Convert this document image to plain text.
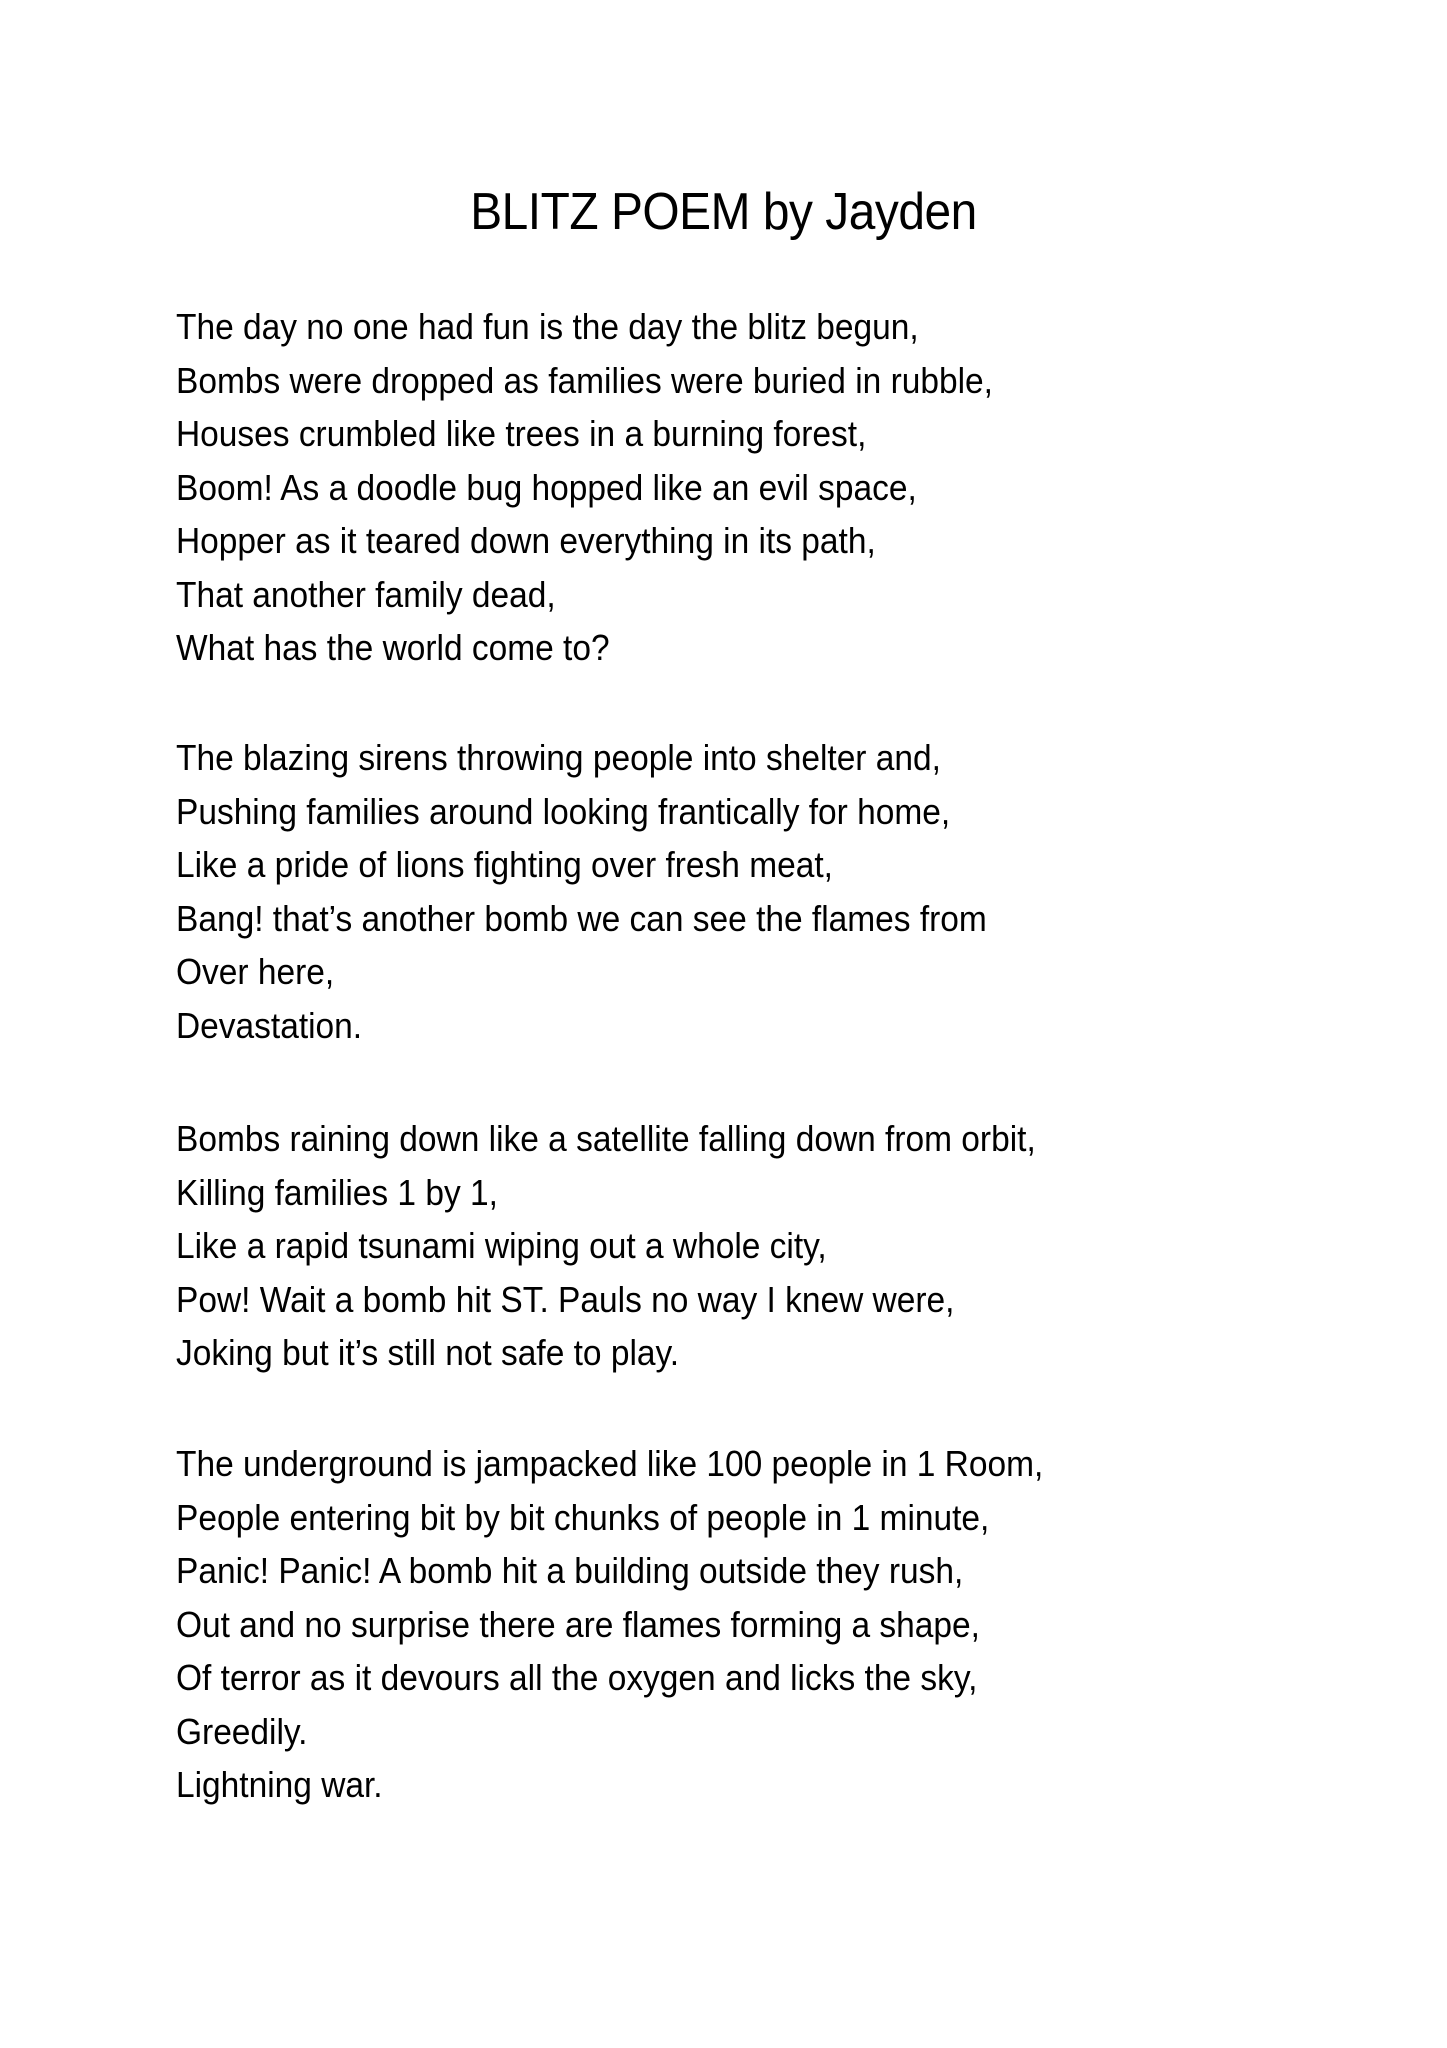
BLITZ POEM by Jayden
The day no one had fun is the day the blitz begun,
Bombs were dropped as families were buried in rubble,
Houses crumbled like trees in a burning forest,
Boom! As a doodle bug hopped like an evil space,
Hopper as it teared down everything in its path,
That another family dead,
What has the world come to?
The blazing sirens throwing people into shelter and,
Pushing families around looking frantically for home,
Like a pride of lions fighting over fresh meat,
Bang! that’s another bomb we can see the flames from
Over here,
Devastation.
Bombs raining down like a satellite falling down from orbit,
Killing families 1 by 1,
Like a rapid tsunami wiping out a whole city,
Pow! Wait a bomb hit ST. Pauls no way I knew were,
Joking but it’s still not safe to play.
The underground is jampacked like 100 people in 1 Room,
People entering bit by bit chunks of people in 1 minute,
Panic! Panic! A bomb hit a building outside they rush,
Out and no surprise there are flames forming a shape,
Of terror as it devours all the oxygen and licks the sky,
Greedily.
Lightning war.
